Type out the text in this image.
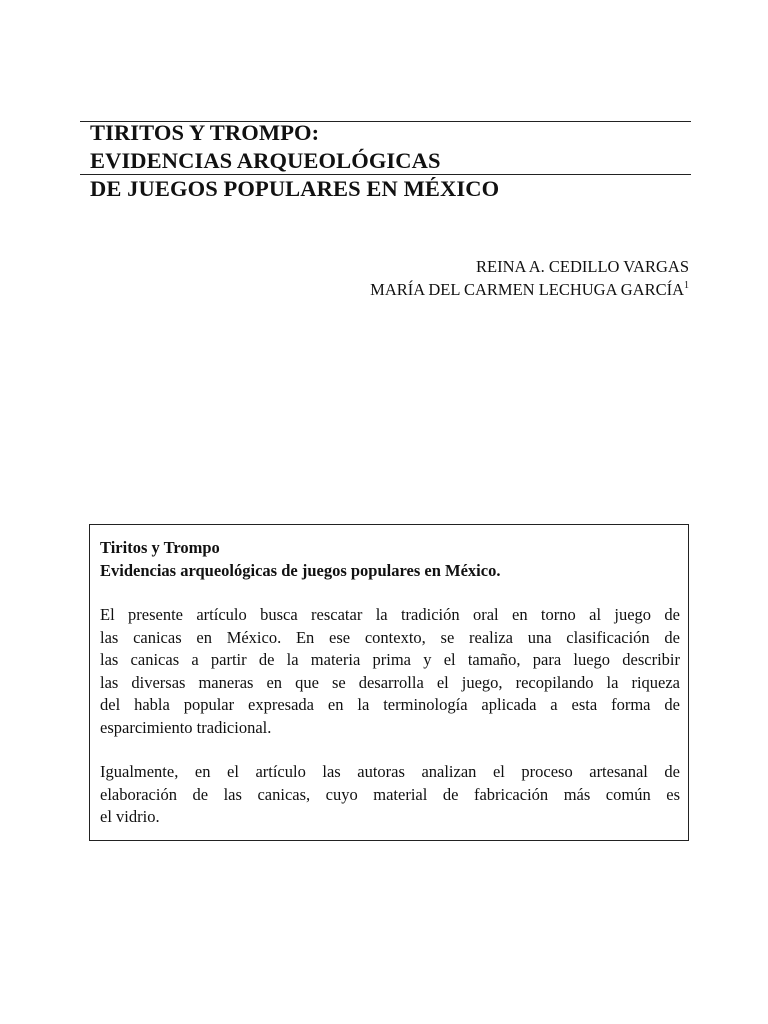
TIRITOS Y TROMPO:
EVIDENCIAS ARQUEOLÓGICAS
DE JUEGOS POPULARES EN MÉXICO
REINA A. CEDILLO VARGAS
MARÍA DEL CARMEN LECHUGA GARCÍA$^1$
Tiritos y Trompo
Evidencias arqueológicas de juegos populares en México.
El presente artículo busca rescatar la tradición oral en torno al juego de
las canicas en México. En ese contexto, se realiza una clasificación de
las canicas a partir de la materia prima y el tamaño, para luego describir
las diversas maneras en que se desarrolla el juego, recopilando la riqueza
del habla popular expresada en la terminología aplicada a esta forma de
esparcimiento tradicional.
Igualmente, en el artículo las autoras analizan el proceso artesanal de
elaboración de las canicas, cuyo material de fabricación más común es
el vidrio.
